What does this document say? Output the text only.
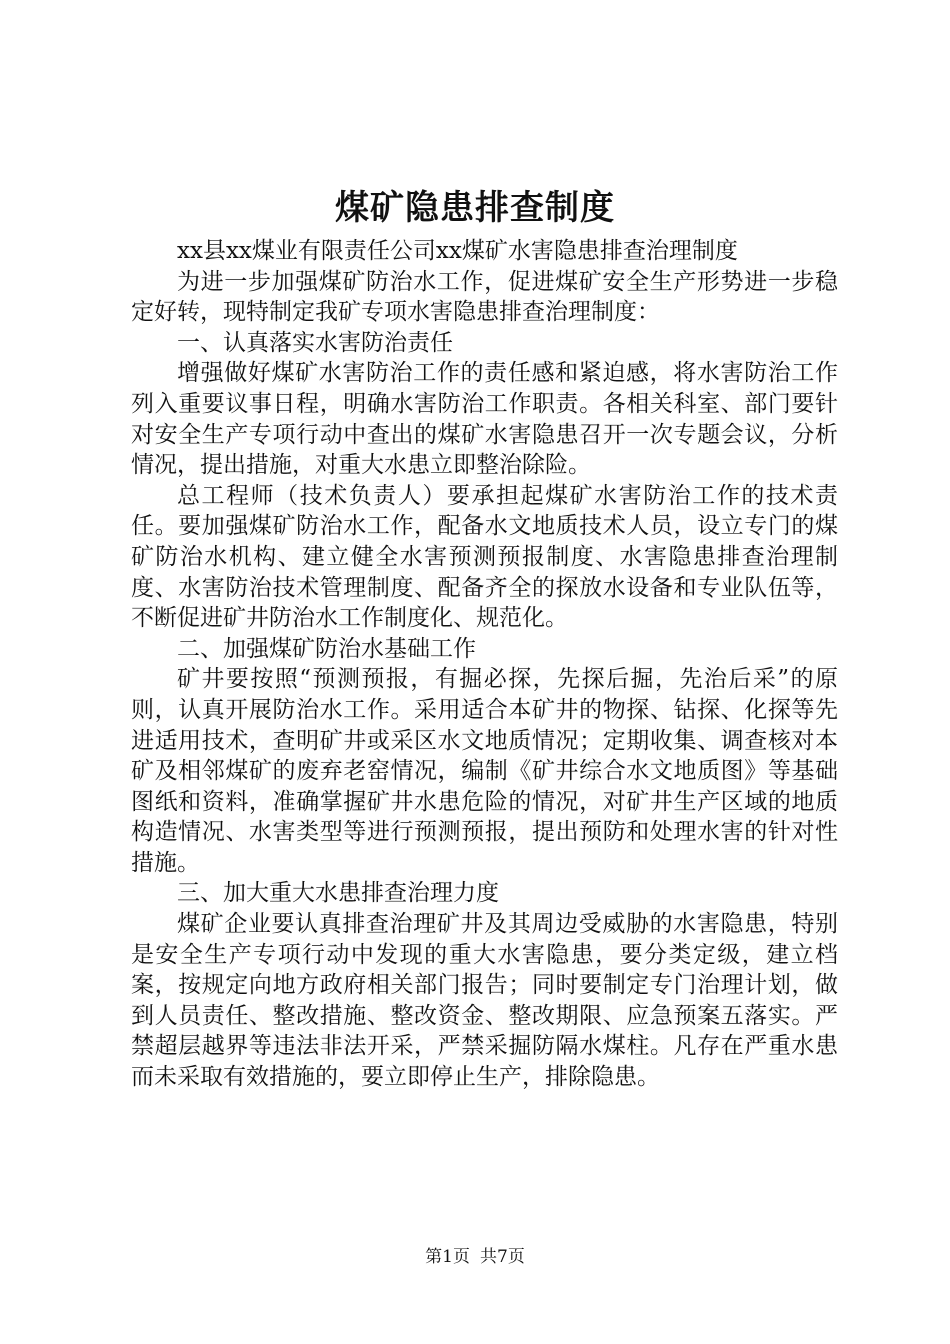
煤矿隐患排查制度

xx县xx煤业有限责任公司xx煤矿水害隐患排查治理制度

为进一步加强煤矿防治水工作，促进煤矿安全生产形势进一步稳定好转，现特制定我矿专项水害隐患排查治理制度：

一、认真落实水害防治责任

增强做好煤矿水害防治工作的责任感和紧迫感，将水害防治工作列入重要议事日程，明确水害防治工作职责。各相关科室、部门要针对安全生产专项行动中查出的煤矿水害隐患召开一次专题会议，分析情况，提出措施，对重大水患立即整治除险。

总工程师（技术负责人）要承担起煤矿水害防治工作的技术责任。要加强煤矿防治水工作，配备水文地质技术人员，设立专门的煤矿防治水机构、建立健全水害预测预报制度、水害隐患排查治理制度、水害防治技术管理制度、配备齐全的探放水设备和专业队伍等，不断促进矿井防治水工作制度化、规范化。

二、加强煤矿防治水基础工作

矿井要按照“预测预报，有掘必探，先探后掘，先治后采”的原则，认真开展防治水工作。采用适合本矿井的物探、钻探、化探等先进适用技术，查明矿井或采区水文地质情况；定期收集、调查核对本矿及相邻煤矿的废弃老窑情况，编制《矿井综合水文地质图》等基础图纸和资料，准确掌握矿井水患危险的情况，对矿井生产区域的地质构造情况、水害类型等进行预测预报，提出预防和处理水害的针对性措施。

三、加大重大水患排查治理力度

煤矿企业要认真排查治理矿井及其周边受威胁的水害隐患，特别是安全生产专项行动中发现的重大水害隐患，要分类定级，建立档案，按规定向地方政府相关部门报告；同时要制定专门治理计划，做到人员责任、整改措施、整改资金、整改期限、应急预案五落实。严禁超层越界等违法非法开采，严禁采掘防隔水煤柱。凡存在严重水患而未采取有效措施的，要立即停止生产，排除隐患。

第1页 共7页
